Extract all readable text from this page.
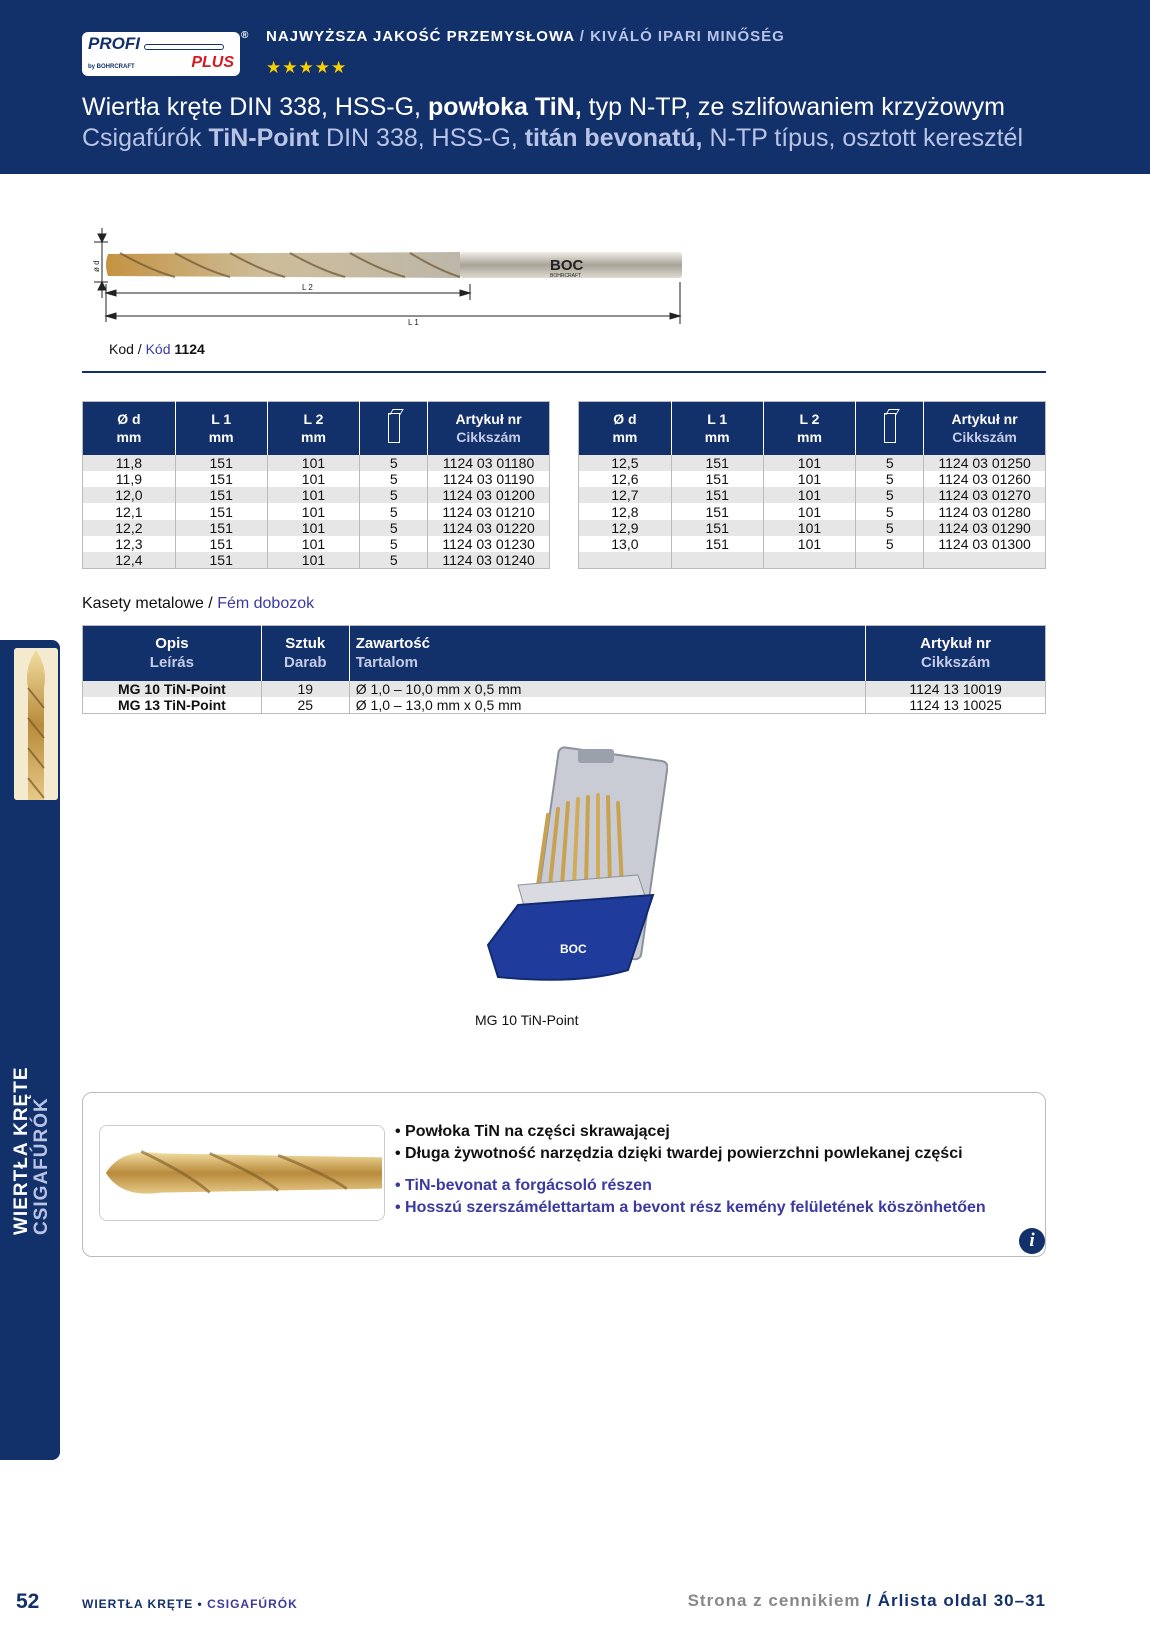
PROFI
by BOHRCRAFT	PLUS
® NAJWYŻSZA JAKOŚĆ PRZEMYSŁOWA / KIVÁLÓ IPARI MINŐSÉG
★★★★★
Wiertła kręte DIN 338, HSS-G, powłoka TiN, typ N-TP, ze szlifowaniem krzyżowym
Csigafúrók TiN-Point DIN 338, HSS-G, titán bevonatú, N-TP típus, osztott keresztél
BOC
BOHRCRAFT
ø d
L 2
L 1
Kod / Kód 1124
Ø d
mm	L 1
mm	L 2
mm		Artykuł nr
Cikkszám
11,8	151	101	5	1124 03 01180
11,9	151	101	5	1124 03 01190
12,0	151	101	5	1124 03 01200
12,1	151	101	5	1124 03 01210
12,2	151	101	5	1124 03 01220
12,3	151	101	5	1124 03 01230
12,4	151	101	5	1124 03 01240
Ø d
mm	L 1
mm	L 2
mm		Artykuł nr
Cikkszám
12,5	151	101	5	1124 03 01250
12,6	151	101	5	1124 03 01260
12,7	151	101	5	1124 03 01270
12,8	151	101	5	1124 03 01280
12,9	151	101	5	1124 03 01290
13,0	151	101	5	1124 03 01300

Kasety metalowe / Fém dobozok
Opis
Leírás	Sztuk
Darab	Zawartość
Tartalom	Artykuł nr
Cikkszám
MG 10 TiN-Point	19	Ø 1,0 – 10,0 mm x 0,5 mm	1124 13 10019
MG 13 TiN-Point	25	Ø 1,0 – 13,0 mm x 0,5 mm	1124 13 10025
BOC
MG 10 TiN-Point
• Powłoka TiN na części skrawającej
• Długa żywotność narzędzia dzięki twardej powierzchni powlekanej części
• TiN-bevonat a forgácsoló részen
• Hosszú szerszámélettartam a bevont rész kemény felületének köszönhetően
i
WIERTŁA KRĘTE CSIGAFÚRÓK
52	WIERTŁA KRĘTE • CSIGAFÚRÓK	Strona z cennikiem / Árlista oldal 30–31
